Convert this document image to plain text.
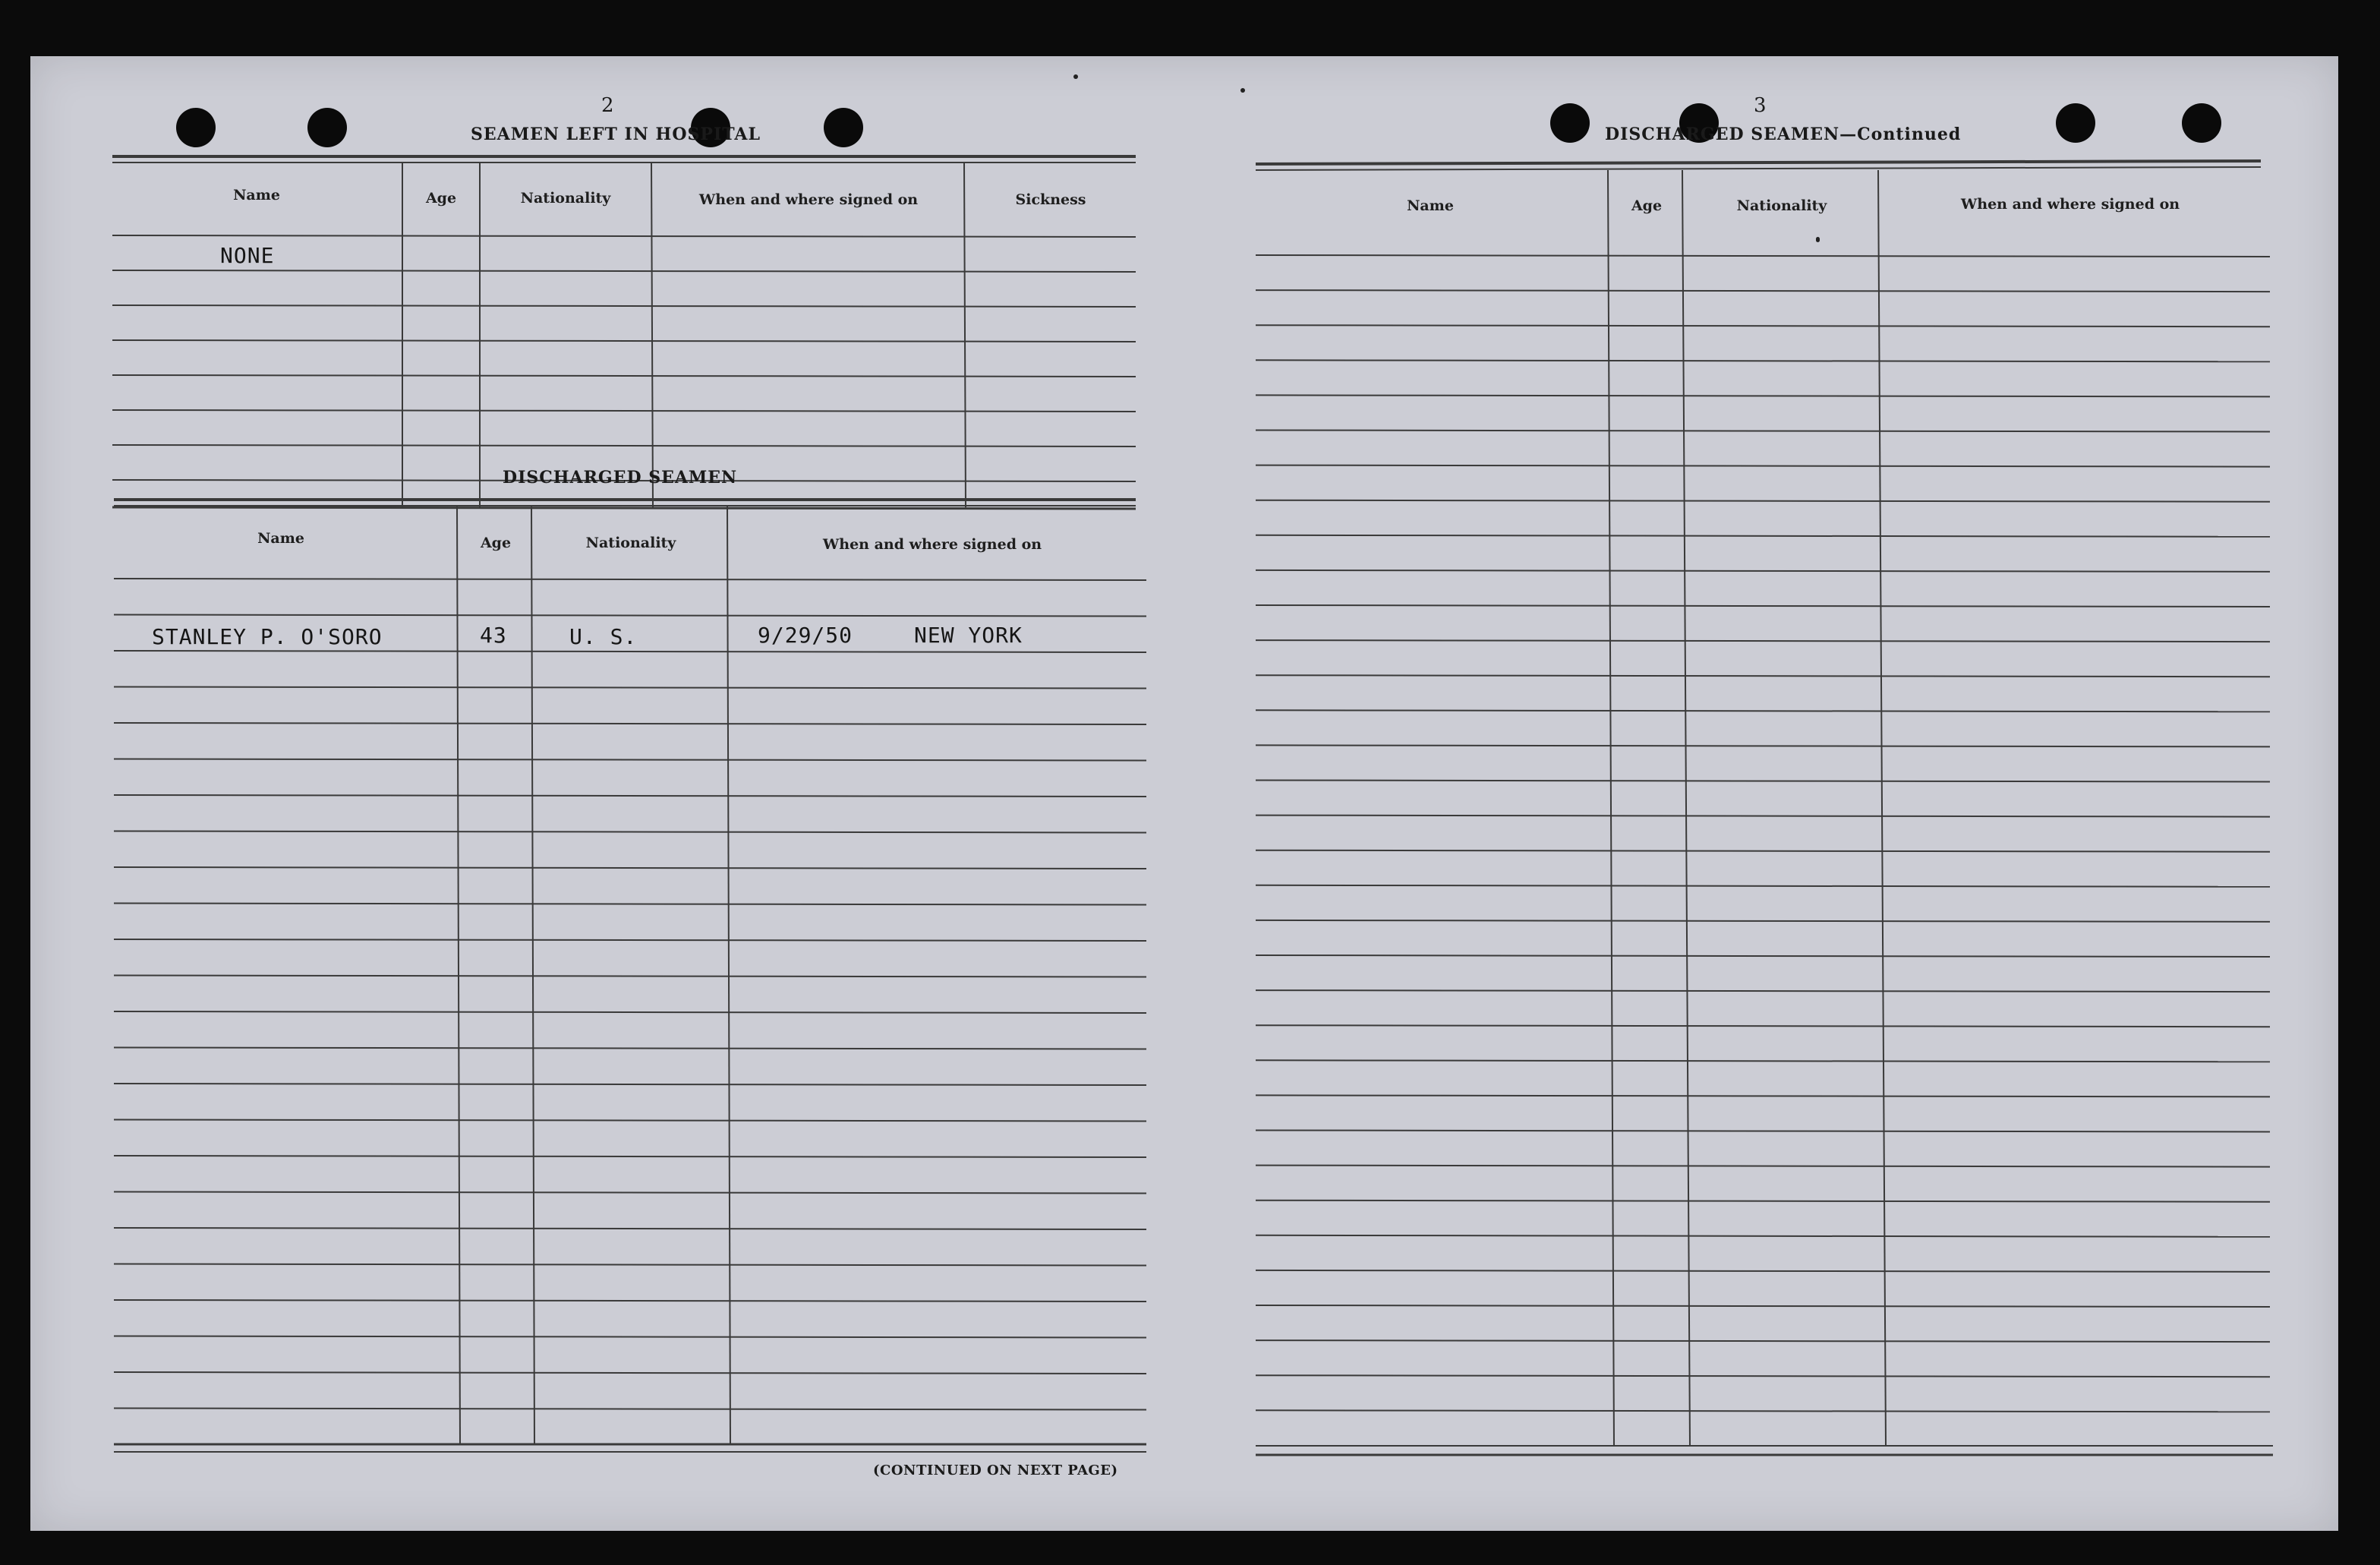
2
SEAMEN LEFT IN HOSPITAL
Name	Age	Nationality	When and where signed on	Sickness
NONE
DISCHARGED SEAMEN
Name	Age	Nationality	When and where signed on
STANLEY P. O'SORO	43	U. S.	9/29/50	NEW YORK
(CONTINUED ON NEXT PAGE)
3
DISCHARGED SEAMEN—Continued
Name	Age	Nationality	When and where signed on
